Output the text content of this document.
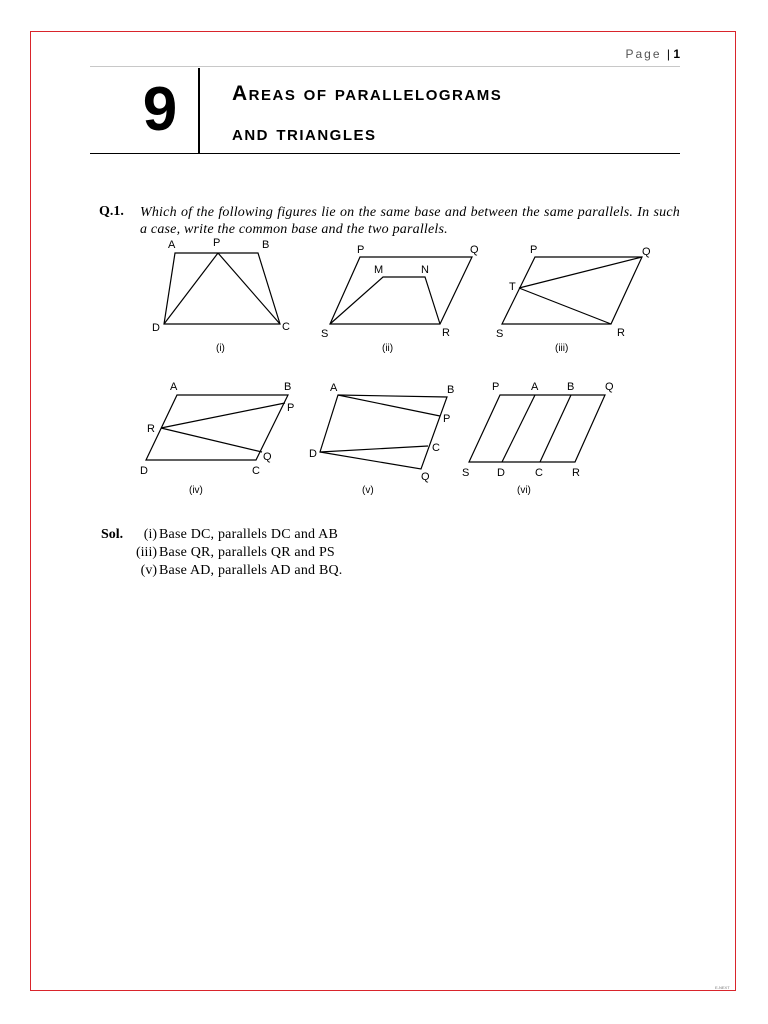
Page | 1
9	Areas of parallelograms
and triangles
Q.1. Which of the following figures lie on the same base and between the same parallels. In such a case, write the common base and the two parallels.
A	P	B
D	C
(i)
P	Q
M	N
S	R
(ii)
P	Q
T
S	R
(iii)
A	B
P
R
Q
D	C
(iv)
A	B
P
C
D
Q
(v)
P	A	B	Q
S	D	C	R
(vi)
Sol.	(i) Base DC, parallels DC and AB
(iii) Base QR, parallels QR and PS
(v) Base AD, parallels AD and BQ.
E-NEXT
